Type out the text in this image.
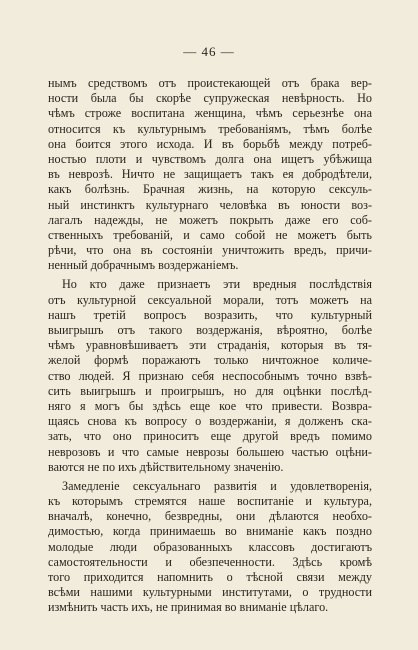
— 46 —
нымъ средствомъ отъ проистекающей отъ брака вер-
ности была бы скорѣе супружеская невѣрность. Но
чѣмъ строже воспитана женщина, чѣмъ серьезнѣе она
относится къ культурнымъ требованіямъ, тѣмъ болѣе
она боится этого исхода. И въ борьбѣ между потреб-
ностью плоти и чувствомъ долга она ищетъ убѣжища
въ неврозѣ. Ничто не защищаетъ такъ ея добродѣтели,
какъ болѣзнь. Брачная жизнь, на которую сексуль-
ный инстинктъ культурнаго человѣка въ юности воз-
лагалъ надежды, не можетъ покрыть даже его соб-
ственныхъ требованій, и само собой не можетъ быть
рѣчи, что она въ состояніи уничтожить вредъ, причи-
ненный добрачнымъ воздержаніемъ.
Но кто даже признаетъ эти вредныя послѣдствія
отъ культурной сексуальной морали, тотъ можетъ на
нашъ третій вопросъ возразить, что культурный
выигрышъ отъ такого воздержанія, вѣроятно, болѣе
чѣмъ уравновѣшиваетъ эти страданія, которыя въ тя-
желой формѣ поражаютъ только ничтожное количе-
ство людей. Я признаю себя неспособнымъ точно взвѣ-
сить выигрышъ и проигрышъ, но для оцѣнки послѣд-
няго я могъ бы здѣсь еще кое что привести. Возвра-
щаясь снова къ вопросу о воздержаніи, я долженъ ска-
зать, что оно приноситъ еще другой вредъ помимо
неврозовъ и что самые неврозы большею частью оцѣни-
ваются не по ихъ дѣйствительному значенію.
Замедленіе сексуальнаго развитія и удовлетворенія,
къ которымъ стремятся наше воспитаніе и культура,
вначалѣ, конечно, безвредны, они дѣлаются необхо-
димостью, когда принимаешь во вниманіе какъ поздно
молодые люди образованныхъ классовъ достигаютъ
самостоятельности и обезпеченности. Здѣсь кромѣ
того приходится напомнить о тѣсной связи между
всѣми нашими культурными институтами, о трудности
измѣнить часть ихъ, не принимая во вниманіе цѣлаго.
